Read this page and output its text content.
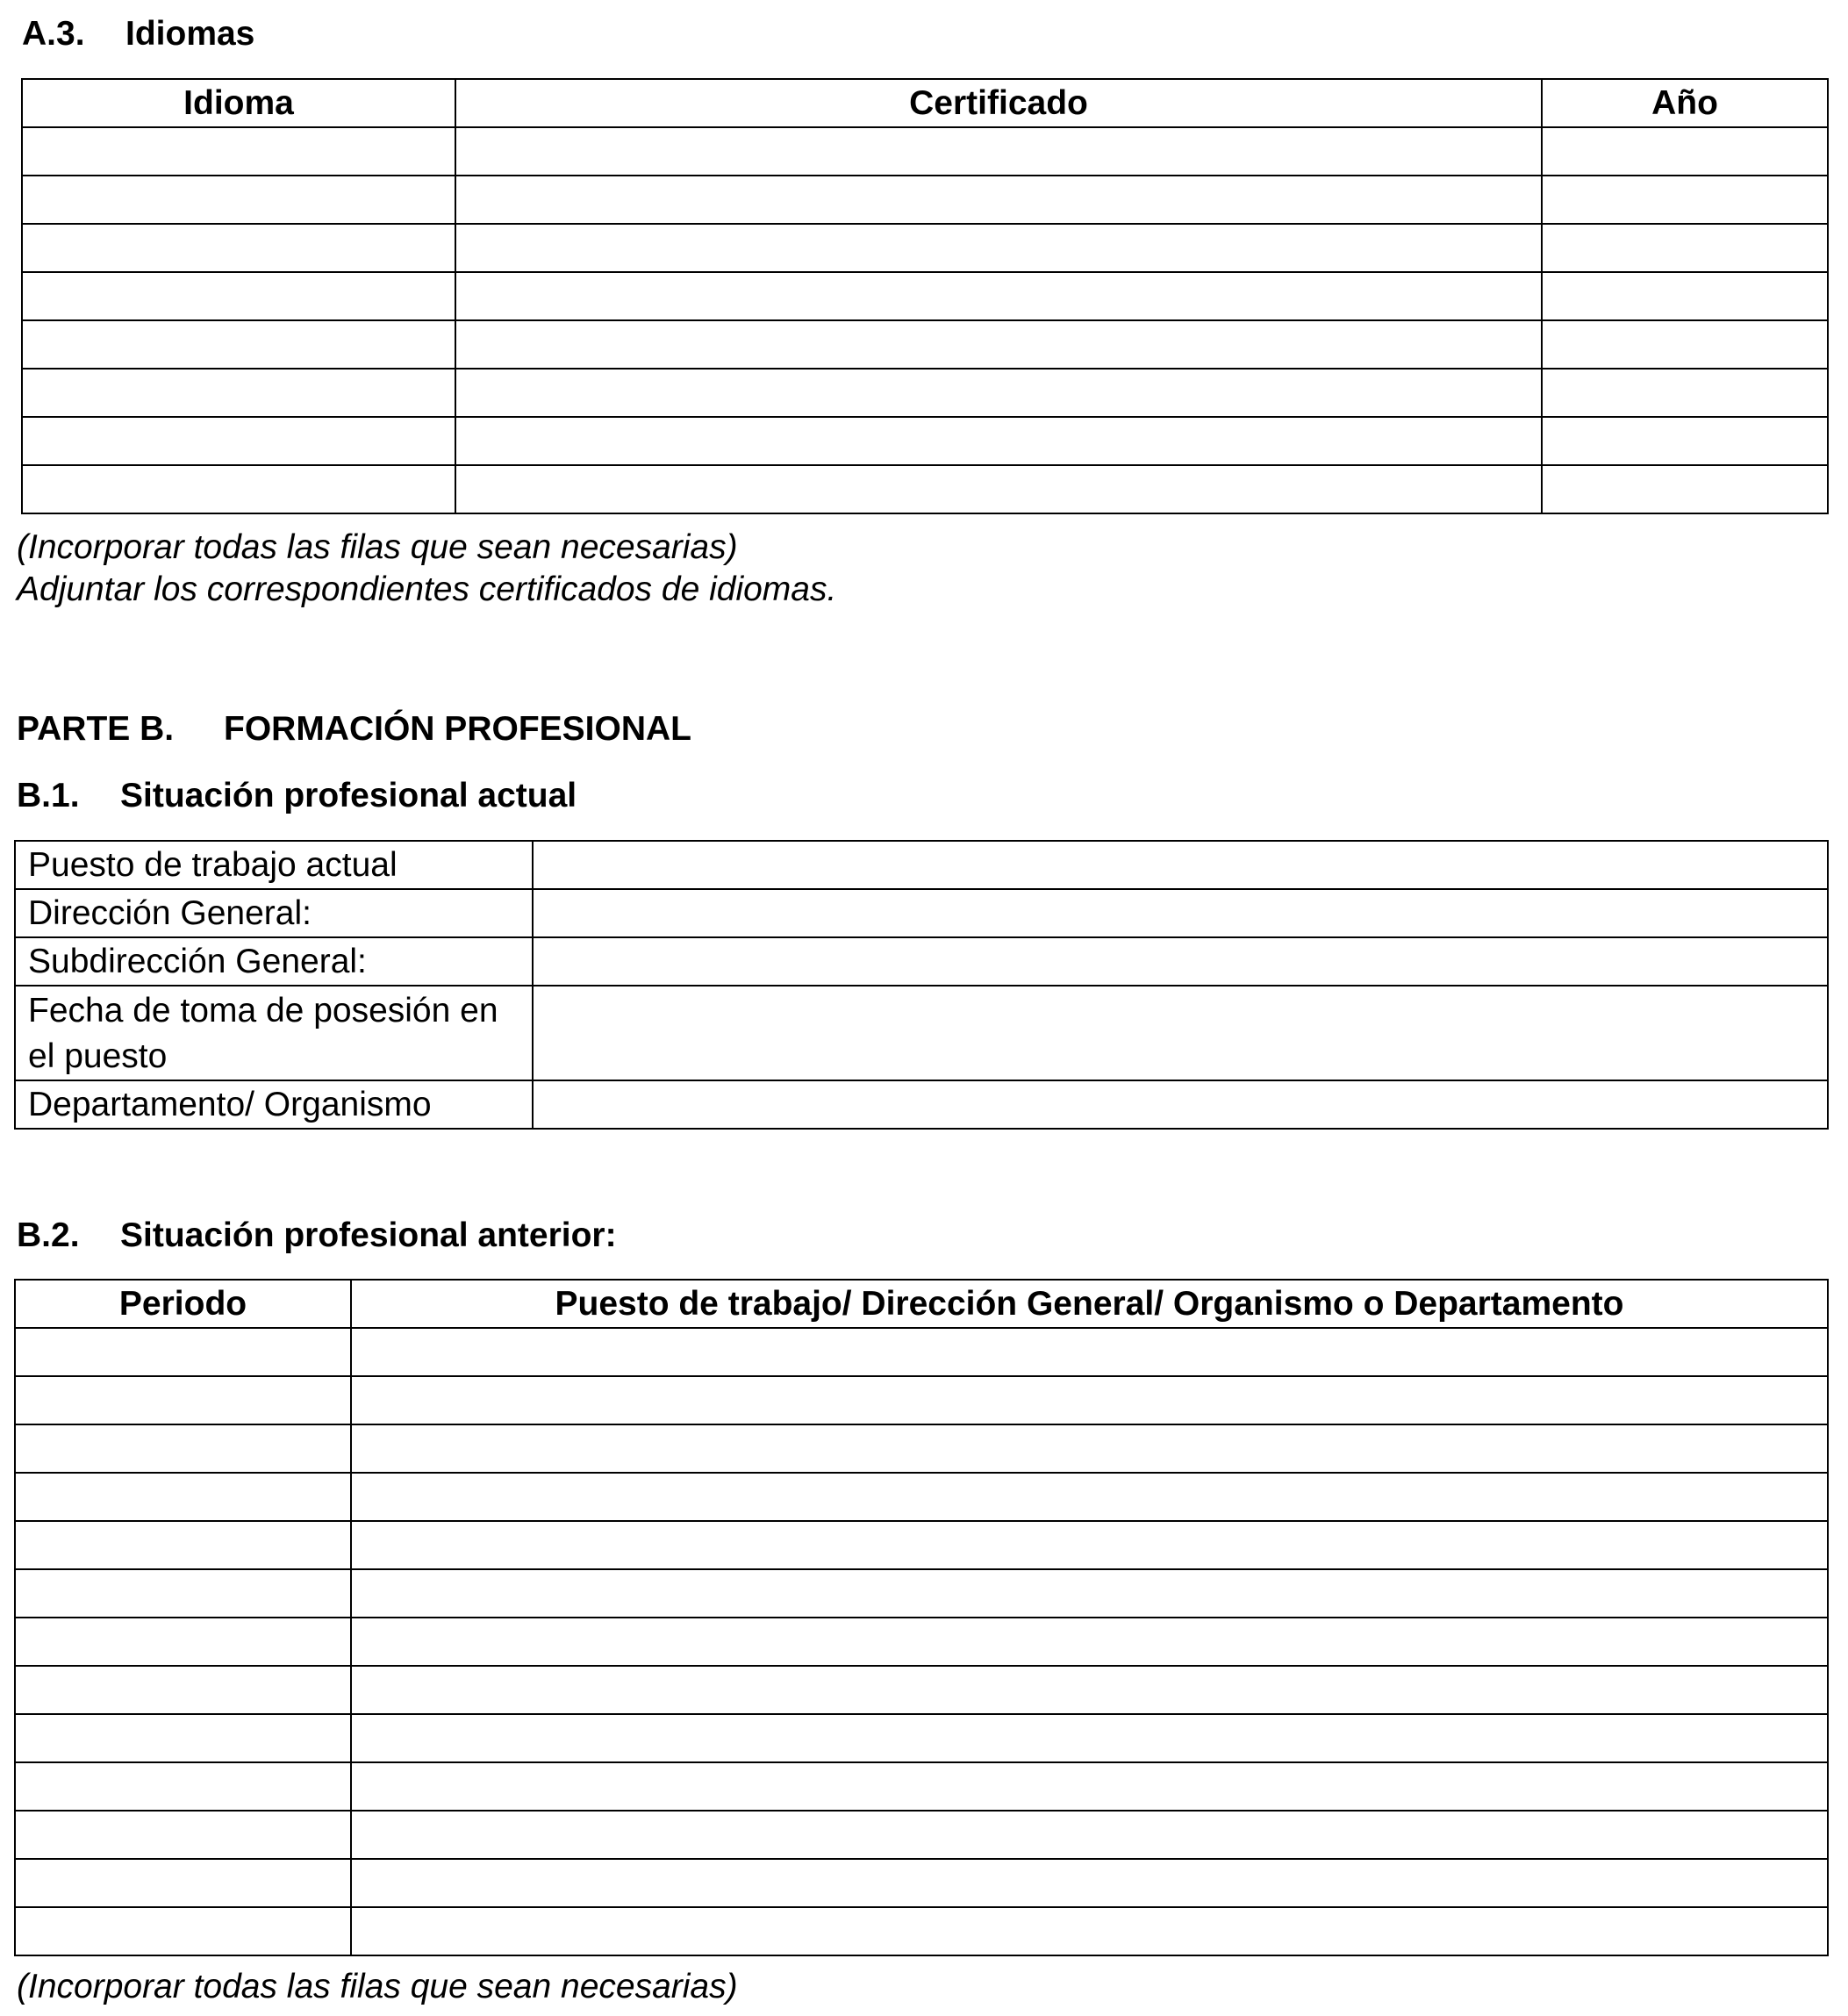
A.3. Idiomas
Idioma	Certificado	Año

(Incorporar todas las filas que sean necesarias)
Adjuntar los correspondientes certificados de idiomas.
PARTE B. FORMACIÓN PROFESIONAL
B.1. Situación profesional actual
Puesto de trabajo actual	
Dirección General:	
Subdirección General:	
Fecha de toma de posesión en el puesto	
Departamento/ Organismo	
B.2. Situación profesional anterior:
Periodo	Puesto de trabajo/ Dirección General/ Organismo o Departamento

(Incorporar todas las filas que sean necesarias)
